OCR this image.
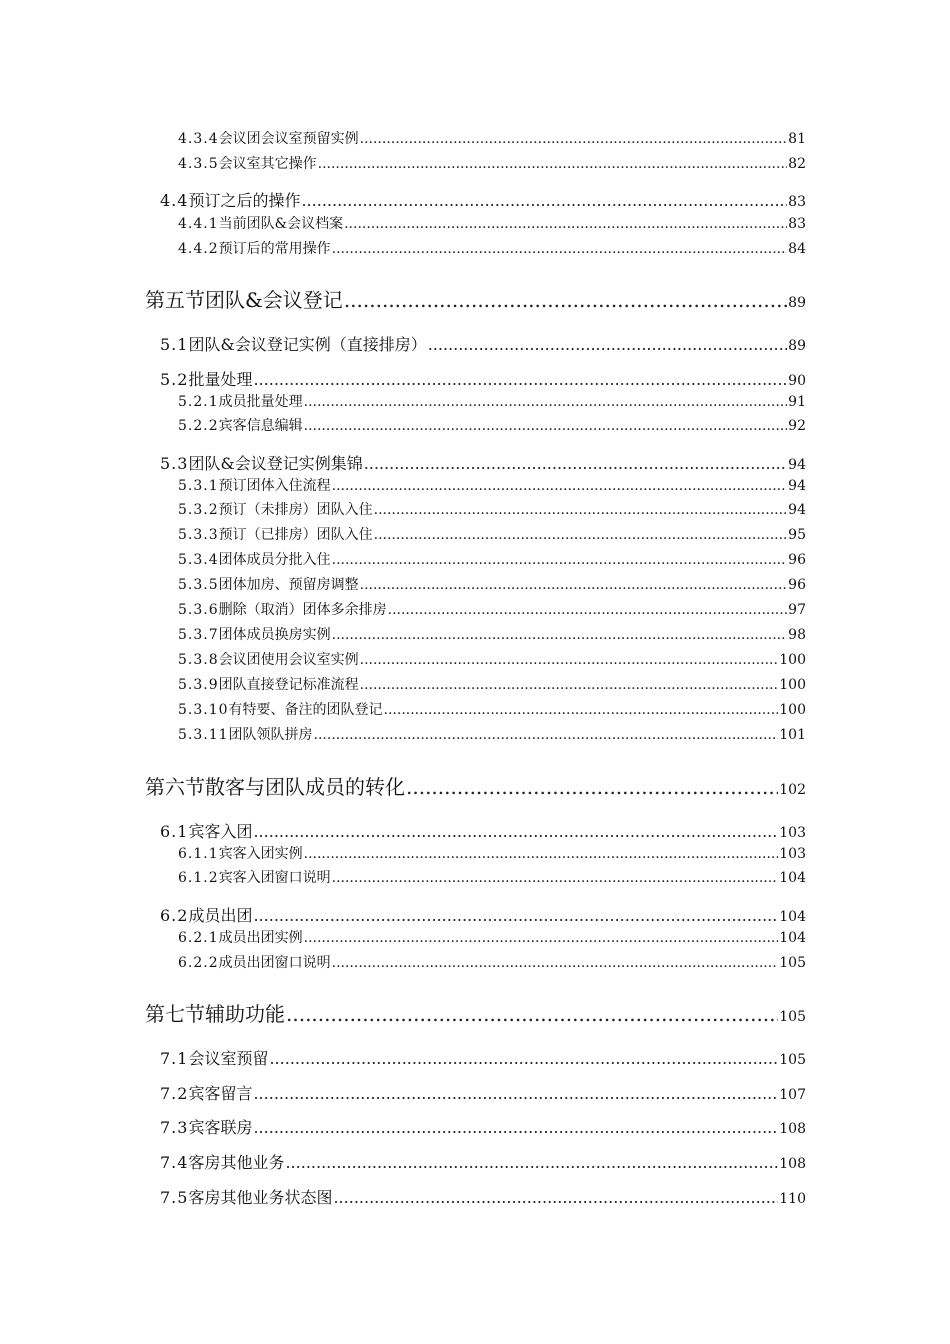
4.3.4 会议团会议室预留实例 .....	81
4.3.5 会议室其它操作 .....	82
4.4 预订之后的操作 .....	83
4.4.1 当前团队&会议档案 .....	83
4.4.2 预订后的常用操作 .....	84
第五节 团队&会议登记 .....	89
5.1 团队&会议登记实例（直接排房） .....	89
5.2 批量处理 .....	90
5.2.1 成员批量处理 .....	91
5.2.2 宾客信息编辑 .....	92
5.3 团队&会议登记实例集锦 .....	94
5.3.1 预订团体入住流程 .....	94
5.3.2 预订（未排房）团队入住 .....	94
5.3.3 预订（已排房）团队入住 .....	95
5.3.4 团体成员分批入住 .....	96
5.3.5 团体加房、预留房调整 .....	96
5.3.6 删除（取消）团体多余排房 .....	97
5.3.7 团体成员换房实例 .....	98
5.3.8 会议团使用会议室实例 .....	100
5.3.9 团队直接登记标准流程 .....	100
5.3.10 有特要、备注的团队登记 .....	100
5.3.11 团队领队拼房 .....	101
第六节 散客与团队成员的转化 .....	102
6.1 宾客入团 .....	103
6.1.1 宾客入团实例 .....	103
6.1.2 宾客入团窗口说明 .....	104
6.2 成员出团 .....	104
6.2.1 成员出团实例 .....	104
6.2.2 成员出团窗口说明 .....	105
第七节 辅助功能 .....	105
7.1 会议室预留 .....	105
7.2 宾客留言 .....	107
7.3 宾客联房 .....	108
7.4 客房其他业务 .....	108
7.5 客房其他业务状态图 .....	110
